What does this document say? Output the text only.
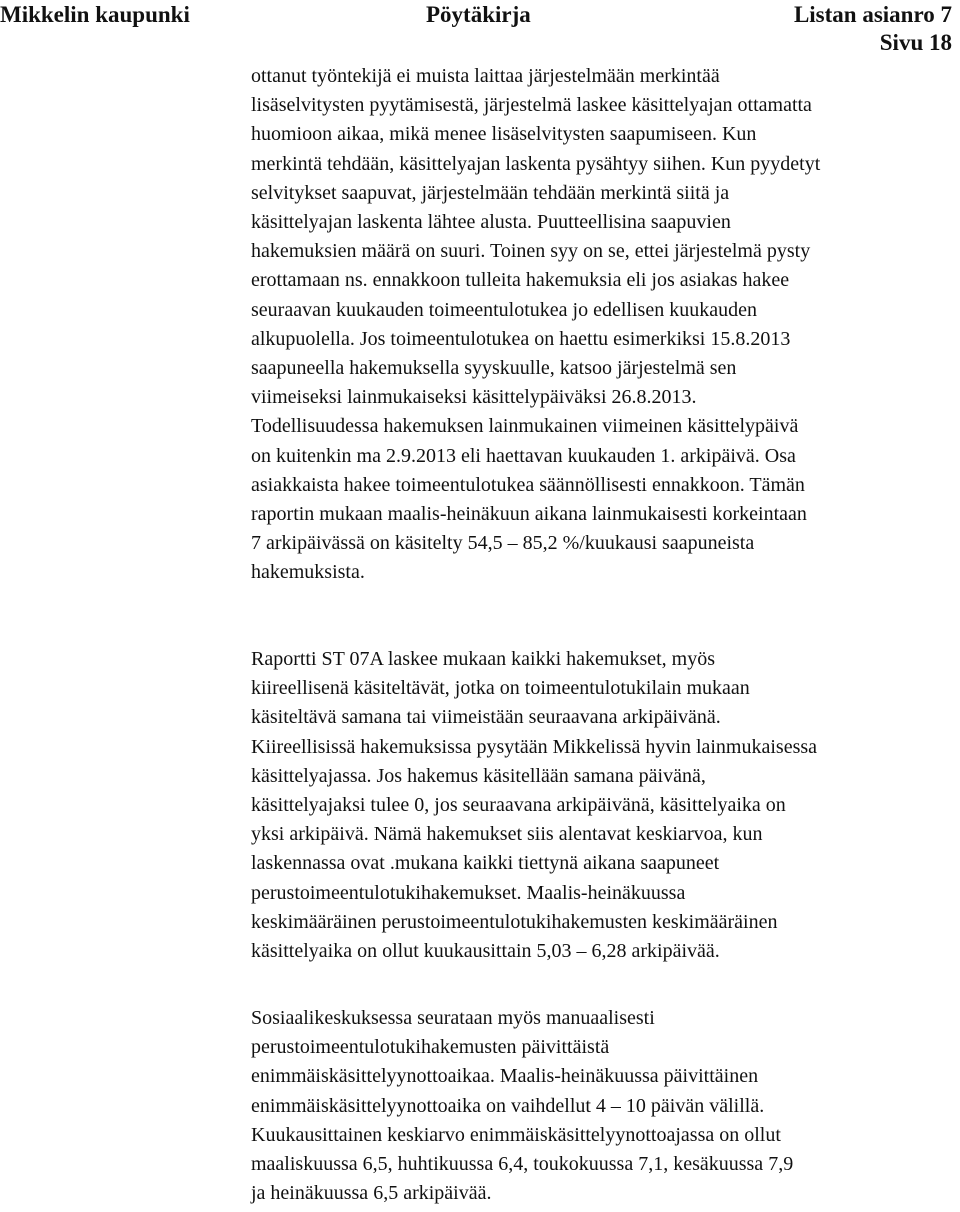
Mikkelin kaupunki	Pöytäkirja	Listan asianro 7
Sivu 18
ottanut työntekijä ei muista laittaa järjestelmään merkintää
lisäselvitysten pyytämisestä, järjestelmä laskee käsittelyajan ottamatta
huomioon aikaa, mikä menee lisäselvitysten saapumiseen. Kun
merkintä tehdään, käsittelyajan laskenta pysähtyy siihen. Kun pyydetyt
selvitykset saapuvat, järjestelmään tehdään merkintä siitä ja
käsittelyajan laskenta lähtee alusta. Puutteellisina saapuvien
hakemuksien määrä on suuri. Toinen syy on se, ettei järjestelmä pysty
erottamaan ns. ennakkoon tulleita hakemuksia eli jos asiakas hakee
seuraavan kuukauden toimeentulotukea jo edellisen kuukauden
alkupuolella. Jos toimeentulotukea on haettu esimerkiksi 15.8.2013
saapuneella hakemuksella syyskuulle, katsoo järjestelmä sen
viimeiseksi lainmukaiseksi käsittelypäiväksi 26.8.2013.
Todellisuudessa hakemuksen lainmukainen viimeinen käsittelypäivä
on kuitenkin ma 2.9.2013 eli haettavan kuukauden 1. arkipäivä. Osa
asiakkaista hakee toimeentulotukea säännöllisesti ennakkoon. Tämän
raportin mukaan maalis-heinäkuun aikana lainmukaisesti korkeintaan
7 arkipäivässä on käsitelty 54,5 – 85,2 %/kuukausi saapuneista
hakemuksista.
Raportti ST 07A laskee mukaan kaikki hakemukset, myös
kiireellisenä käsiteltävät, jotka on toimeentulotukilain mukaan
käsiteltävä samana tai viimeistään seuraavana arkipäivänä.
Kiireellisissä hakemuksissa pysytään Mikkelissä hyvin lainmukaisessa
käsittelyajassa. Jos hakemus käsitellään samana päivänä,
käsittelyajaksi tulee 0, jos seuraavana arkipäivänä, käsittelyaika on
yksi arkipäivä. Nämä hakemukset siis alentavat keskiarvoa, kun
laskennassa ovat .mukana kaikki tiettynä aikana saapuneet
perustoimeentulotukihakemukset. Maalis-heinäkuussa
keskimääräinen perustoimeentulotukihakemusten keskimääräinen
käsittelyaika on ollut kuukausittain 5,03 – 6,28 arkipäivää.
Sosiaalikeskuksessa seurataan myös manuaalisesti
perustoimeentulotukihakemusten päivittäistä
enimmäiskäsittelyynottoaikaa. Maalis-heinäkuussa päivittäinen
enimmäiskäsittelyynottoaika on vaihdellut 4 – 10 päivän välillä.
Kuukausittainen keskiarvo enimmäiskäsittelyynottoajassa on ollut
maaliskuussa 6,5, huhtikuussa 6,4, toukokuussa 7,1, kesäkuussa 7,9
ja heinäkuussa 6,5 arkipäivää.
